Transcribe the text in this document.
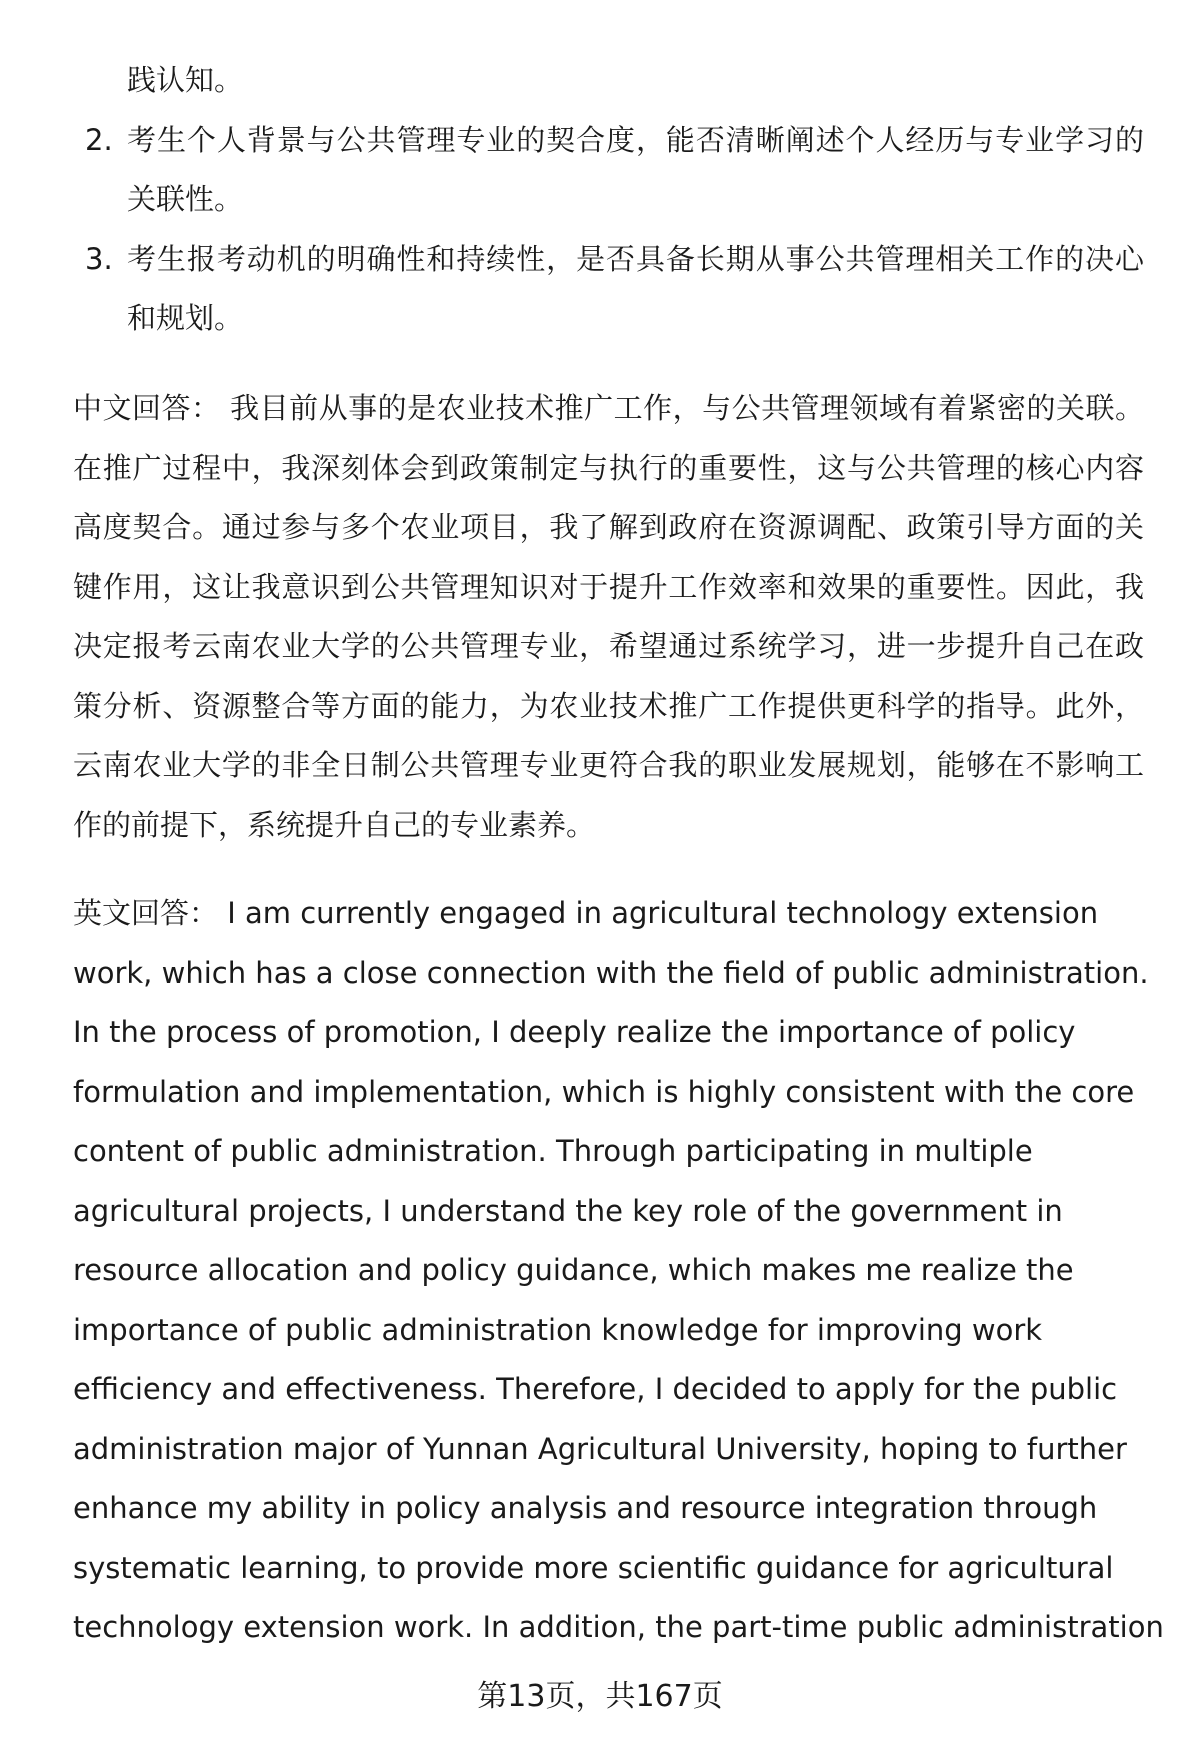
践认知。
2. 考生个人背景与公共管理专业的契合度，能否清晰阐述个人经历与专业学习的
关联性。
3. 考生报考动机的明确性和持续性，是否具备长期从事公共管理相关工作的决心
和规划。
中文回答： 我目前从事的是农业技术推广工作，与公共管理领域有着紧密的关联。
在推广过程中，我深刻体会到政策制定与执行的重要性，这与公共管理的核心内容
高度契合。通过参与多个农业项目，我了解到政府在资源调配、政策引导方面的关
键作用，这让我意识到公共管理知识对于提升工作效率和效果的重要性。因此，我
决定报考云南农业大学的公共管理专业，希望通过系统学习，进一步提升自己在政
策分析、资源整合等方面的能力，为农业技术推广工作提供更科学的指导。此外，
云南农业大学的非全日制公共管理专业更符合我的职业发展规划，能够在不影响工
作的前提下，系统提升自己的专业素养。
英文回答： I am currently engaged in agricultural technology extension
work, which has a close connection with the field of public administration.
In the process of promotion, I deeply realize the importance of policy
formulation and implementation, which is highly consistent with the core
content of public administration. Through participating in multiple
agricultural projects, I understand the key role of the government in
resource allocation and policy guidance, which makes me realize the
importance of public administration knowledge for improving work
efficiency and effectiveness. Therefore, I decided to apply for the public
administration major of Yunnan Agricultural University, hoping to further
enhance my ability in policy analysis and resource integration through
systematic learning, to provide more scientific guidance for agricultural
technology extension work. In addition, the part-time public administration
第13页，共167页
